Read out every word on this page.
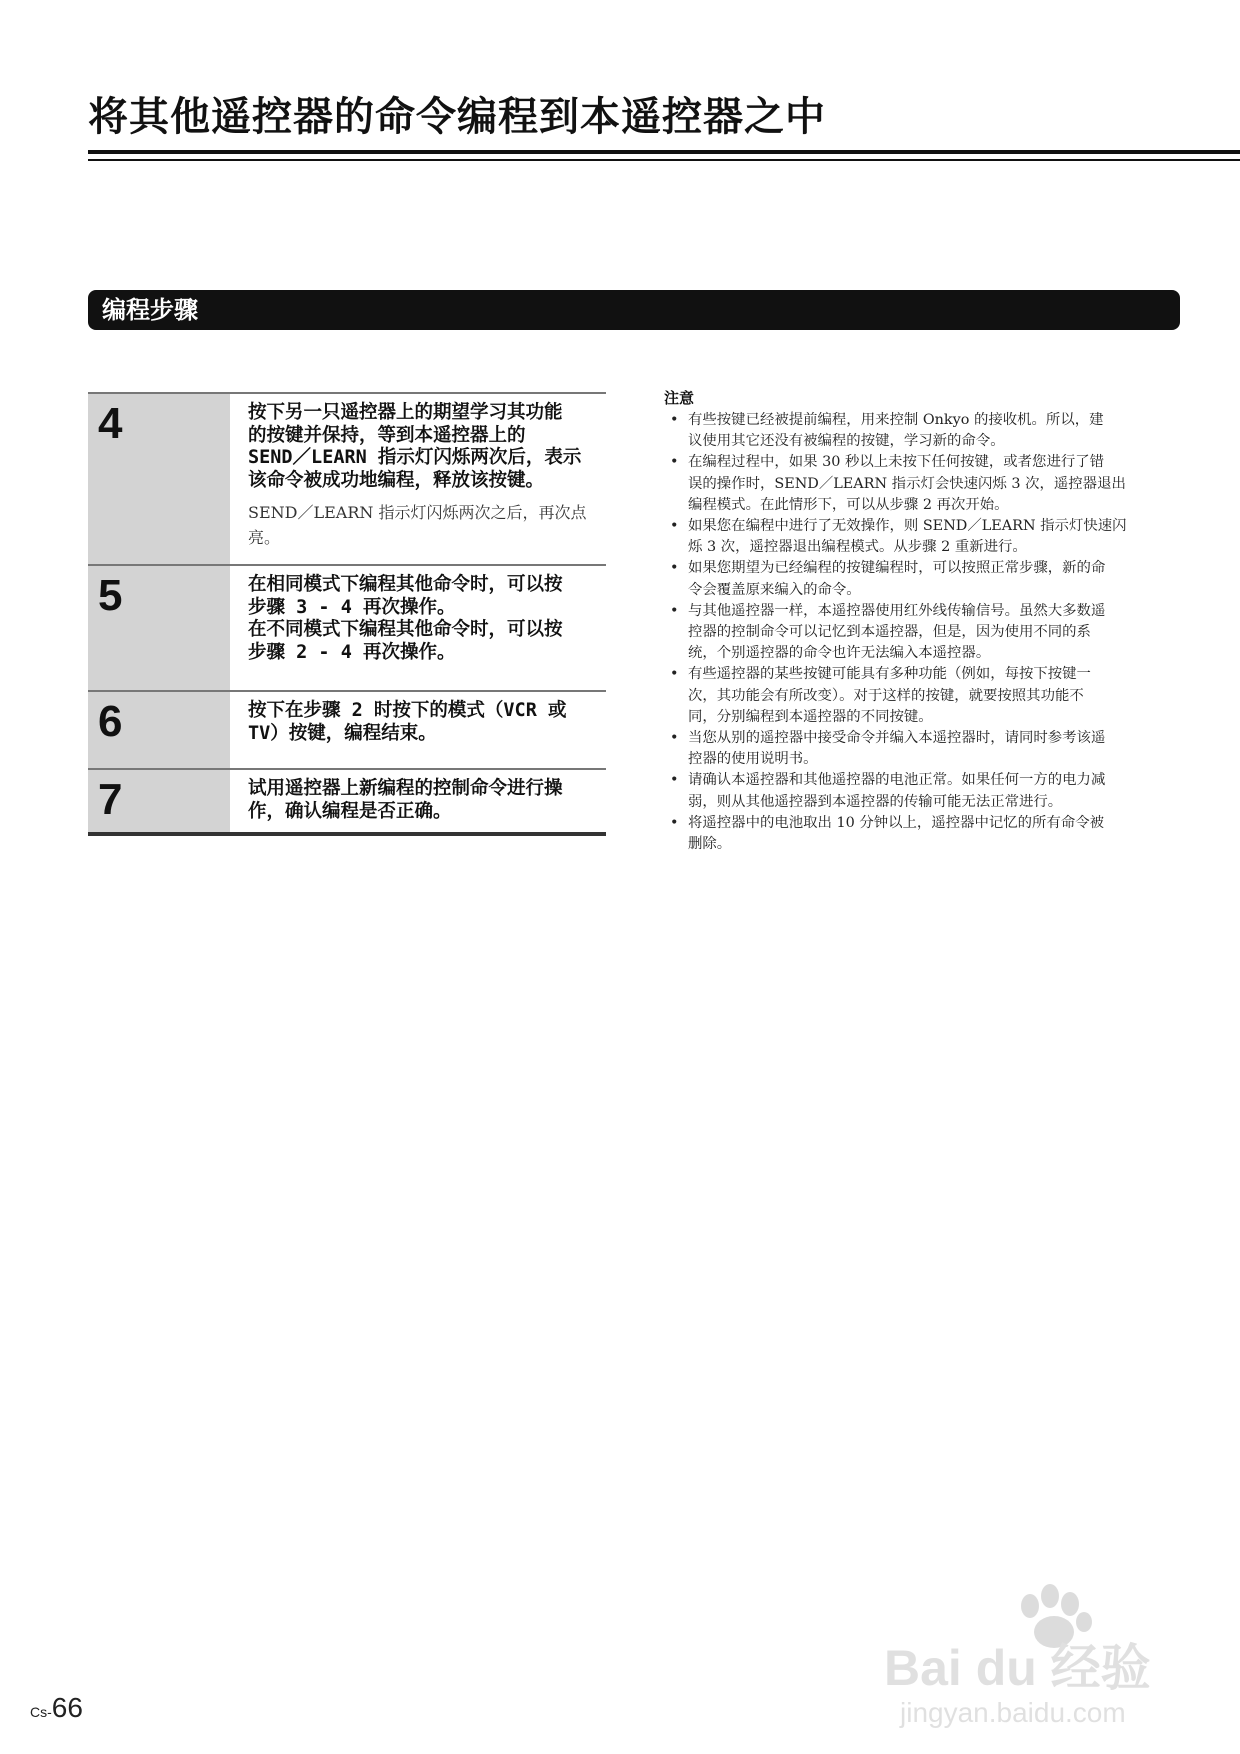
将其他遥控器的命令编程到本遥控器之中
编程步骤
4	按下另一只遥控器上的期望学习其功能

的按键并保持，等到本遥控器上的

SEND／LEARN 指示灯闪烁两次后，表示

该命令被成功地编程，释放该按键。

SEND／LEARN 指示灯闪烁两次之后，再次点
亮。
5	在相同模式下编程其他命令时，可以按

步骤 3 - 4 再次操作。

在不同模式下编程其他命令时，可以按

步骤 2 - 4 再次操作。

6	按下在步骤 2 时按下的模式（VCR 或

TV）按键，编程结束。

7	试用遥控器上新编程的控制命令进行操

作，确认编程是否正确。

注意
• 有些按键已经被提前编程，用来控制 Onkyo 的接收机。所以，建
议使用其它还没有被编程的按键，学习新的命令。
• 在编程过程中，如果 30 秒以上未按下任何按键，或者您进行了错
误的操作时，SEND／LEARN 指示灯会快速闪烁 3 次，遥控器退出
编程模式。在此情形下，可以从步骤 2 再次开始。
• 如果您在编程中进行了无效操作，则 SEND／LEARN 指示灯快速闪
烁 3 次，遥控器退出编程模式。从步骤 2 重新进行。
• 如果您期望为已经编程的按键编程时，可以按照正常步骤，新的命
令会覆盖原来编入的命令。
• 与其他遥控器一样，本遥控器使用红外线传输信号。虽然大多数遥
控器的控制命令可以记忆到本遥控器，但是，因为使用不同的系
统，个别遥控器的命令也许无法编入本遥控器。
• 有些遥控器的某些按键可能具有多种功能（例如，每按下按键一
次，其功能会有所改变）。对于这样的按键，就要按照其功能不
同，分别编程到本遥控器的不同按键。
• 当您从别的遥控器中接受命令并编入本遥控器时，请同时参考该遥
控器的使用说明书。
• 请确认本遥控器和其他遥控器的电池正常。如果任何一方的电力减
弱，则从其他遥控器到本遥控器的传输可能无法正常进行。
• 将遥控器中的电池取出 10 分钟以上，遥控器中记忆的所有命令被
删除。
Cs-66
Bai du 经验
jingyan.baidu.com
